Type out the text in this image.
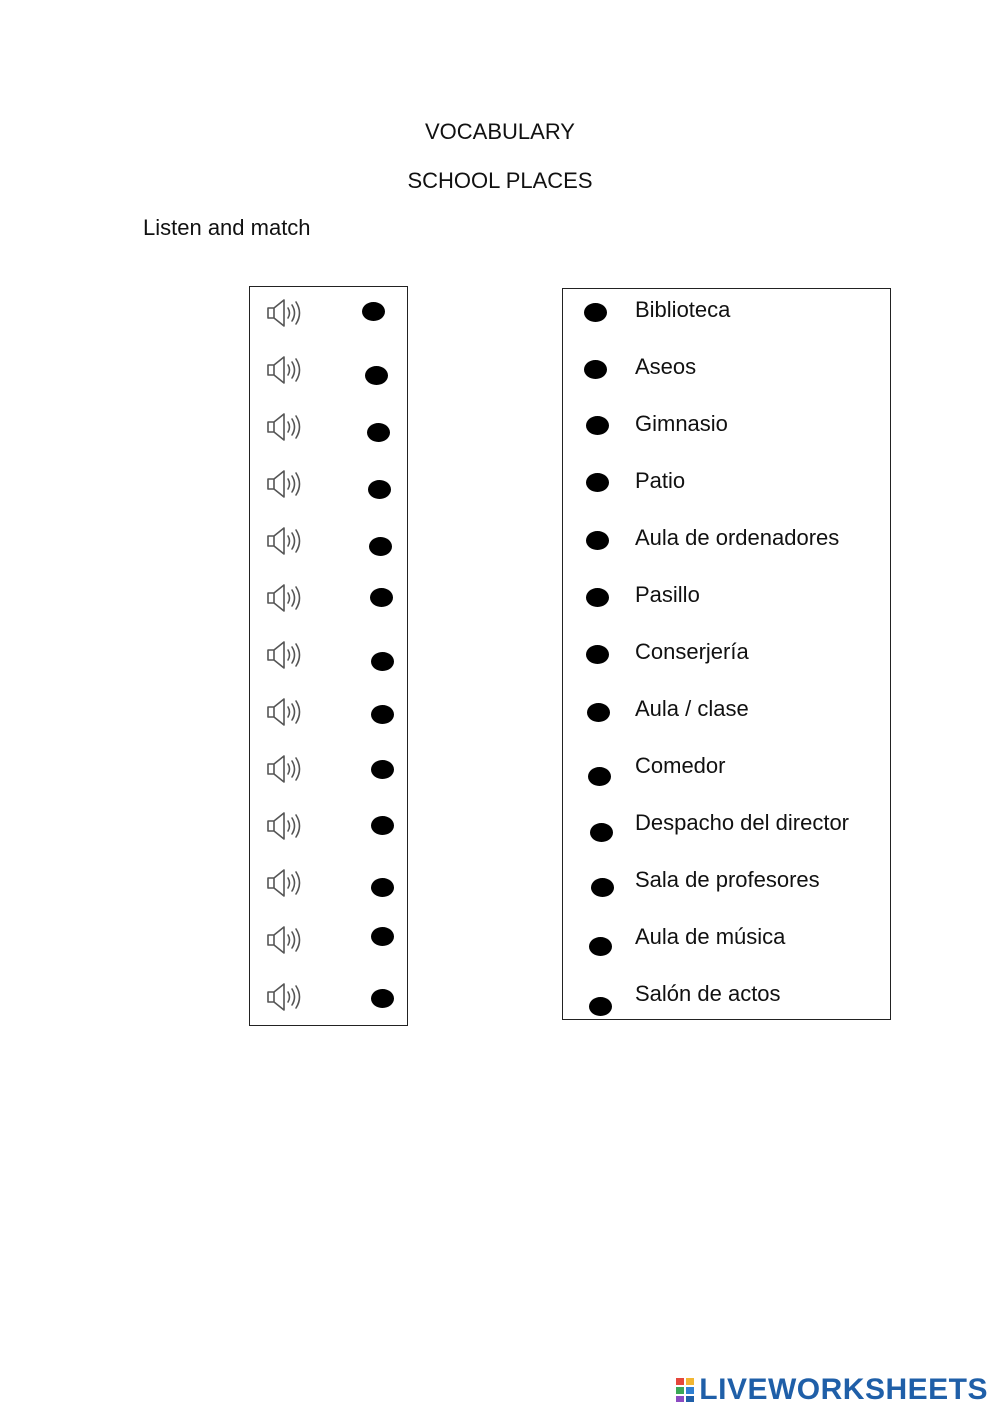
VOCABULARY
SCHOOL PLACES
Listen and match
Biblioteca
Aseos
Gimnasio
Patio
Aula de ordenadores
Pasillo
Conserjería
Aula / clase
Comedor
Despacho del director
Sala de profesores
Aula de música
Salón de actos
LIVEWORKSHEETS
